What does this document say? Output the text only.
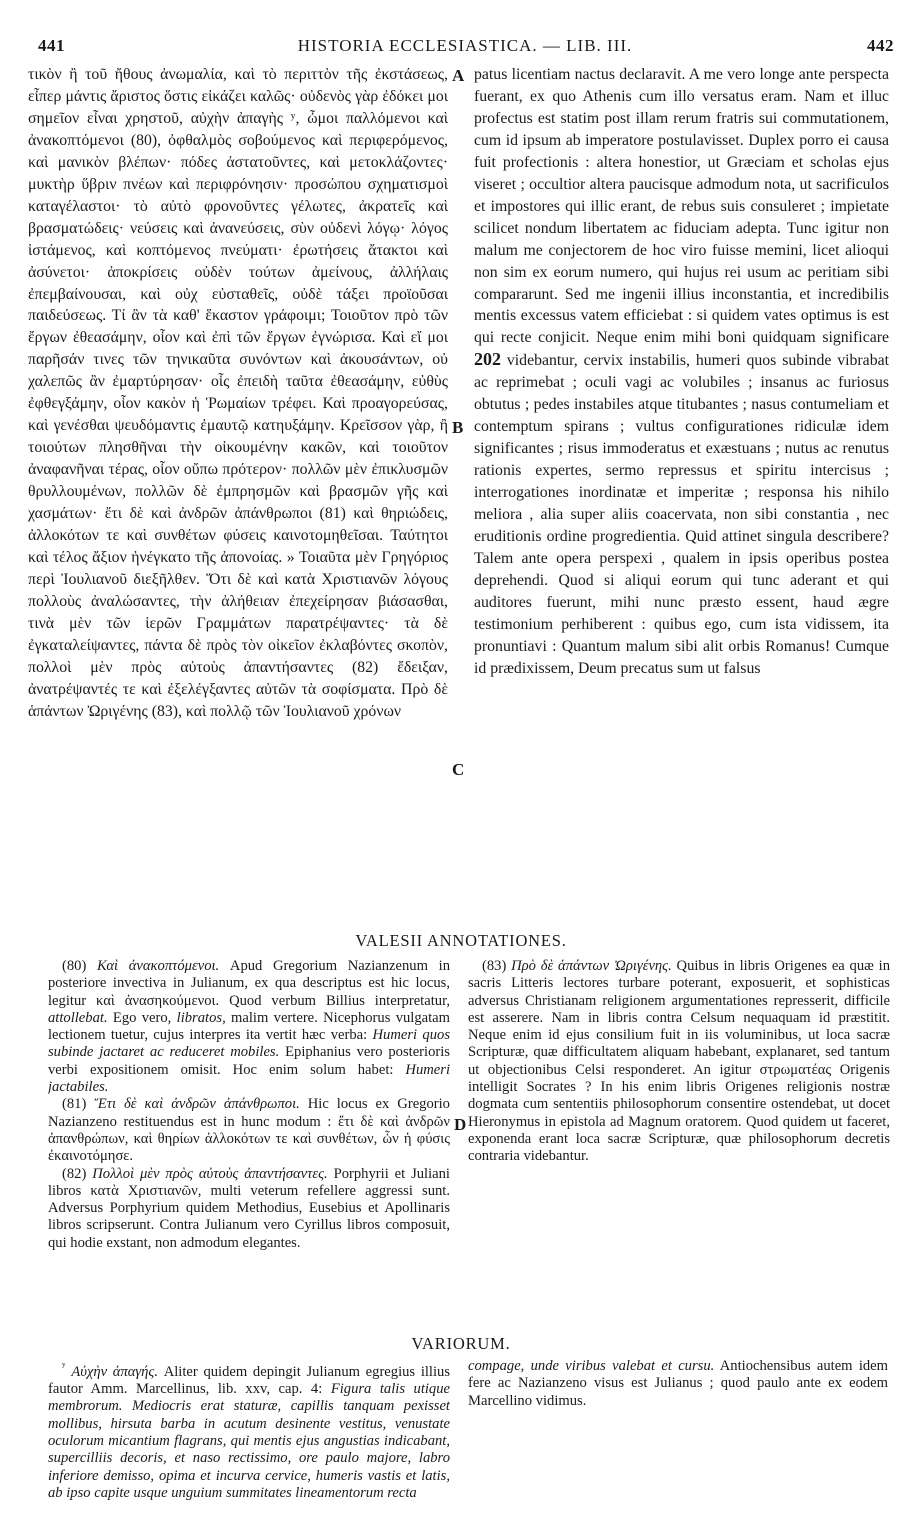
441	HISTORIA ECCLESIASTICA. — LIB. III.	442

τικὸν ἢ τοῦ ἤθους ἀνωμαλία, καὶ τὸ περιττὸν τῆς ἐκστάσεως, εἶπερ μάντις ἄριστος ὅστις εἰκάζει καλῶς· οὐδενὸς γὰρ ἐδόκει μοι σημεῖον εἶναι χρηστοῦ, αὐχὴν ἀπαγὴς ʸ, ὦμοι παλλόμενοι καὶ ἀνακοπτόμενοι (80), ὀφθαλμὸς σοβούμενος καὶ περιφερόμενος, καὶ μανικὸν βλέπων· πόδες ἀστατοῦντες, καὶ μετοκλάζοντες· μυκτὴρ ὕβριν πνέων καὶ περιφρόνησιν· προσώπου σχηματισμοὶ καταγέλαστοι· τὸ αὐτὸ φρονοῦντες γέλωτες, ἀκρατεῖς καὶ βρασματώδεις· νεύσεις καὶ ἀνανεύσεις, σὺν οὐδενὶ λόγῳ· λόγος ἱστάμενος, καὶ κοπτόμενος πνεύματι· ἐρωτήσεις ἄτακτοι καὶ ἀσύνετοι· ἀποκρίσεις οὐδὲν τούτων ἀμείνους, ἀλλήλαις ἐπεμβαίνουσαι, καὶ οὐχ εὐσταθεῖς, οὐδὲ τάξει προϊοῦσαι παιδεύσεως. Τί ἂν τὰ καθ' ἕκαστον γράφοιμι; Τοιοῦτον πρὸ τῶν ἔργων ἐθεασάμην, οἷον καὶ ἐπὶ τῶν ἔργων ἐγνώρισα. Καὶ εἴ μοι παρῆσάν τινες τῶν τηνικαῦτα συνόντων καὶ ἀκουσάντων, οὐ χαλεπῶς ἂν ἐμαρτύρησαν· οἷς ἐπειδὴ ταῦτα ἐθεασάμην, εὐθὺς ἐφθεγξάμην, οἷον κακὸν ἡ Ῥωμαίων τρέφει. Καὶ προαγορεύσας, καὶ γενέσθαι ψευδόμαντις ἐμαυτῷ κατηυξάμην. Κρεῖσσον γὰρ, ἢ τοιούτων πλησθῆναι τὴν οἰκουμένην κακῶν, καὶ τοιοῦτον ἀναφανῆναι τέρας, οἷον οὔπω πρότερον· πολλῶν μὲν ἐπικλυσμῶν θρυλλουμένων, πολλῶν δὲ ἐμπρησμῶν καὶ βρασμῶν γῆς καὶ χασμάτων· ἔτι δὲ καὶ ἀνδρῶν ἀπάνθρωποι (81) καὶ θηριώδεις, ἀλλοκότων τε καὶ συνθέτων φύσεις καινοτομηθεῖσαι. Ταύτητοι καὶ τέλος ἄξιον ἠνέγκατο τῆς ἀπονοίας. » Τοιαῦτα μὲν Γρηγόριος περὶ Ἰουλιανοῦ διεξῆλθεν. Ὅτι δὲ καὶ κατὰ Χριστιανῶν λόγους πολλοὺς ἀναλώσαντες, τὴν ἀλήθειαν ἐπεχείρησαν βιάσασθαι, τινὰ μὲν τῶν ἱερῶν Γραμμάτων παρατρέψαντες· τὰ δὲ ἐγκαταλείψαντες, πάντα δὲ πρὸς τὸν οἰκεῖον ἐκλαβόντες σκοπὸν, πολλοὶ μὲν πρὸς αὐτοὺς ἀπαντήσαντες (82) ἔδειξαν, ἀνατρέψαντές τε καὶ ἐξελέγξαντες αὐτῶν τὰ σοφίσματα. Πρὸ δὲ ἁπάντων Ὠριγένης (83), καὶ πολλῷ τῶν Ἰουλιανοῦ χρόνων

A
B
C

patus licentiam nactus declaravit. A me vero longe ante perspecta fuerant, ex quo Athenis cum illo versatus eram. Nam et illuc profectus est statim post illam rerum fratris sui commutationem, cum id ipsum ab imperatore postulavisset. Duplex porro ei causa fuit profectionis : altera honestior, ut Græciam et scholas ejus viseret ; occultior altera paucisque admodum nota, ut sacrificulos et impostores qui illic erant, de rebus suis consuleret ; impietate scilicet nondum libertatem ac fiduciam adepta. Tunc igitur non malum me conjectorem de hoc viro fuisse memini, licet alioqui non sim ex eorum numero, qui hujus rei usum ac peritiam sibi compararunt. Sed me ingenii illius inconstantia, et incredibilis mentis excessus vatem efficiebat : si quidem vates optimus is est qui recte conjicit. Neque enim mihi boni quidquam significare 202 videbantur, cervix instabilis, humeri quos subinde vibrabat ac reprimebat ; oculi vagi ac volubiles ; insanus ac furiosus obtutus ; pedes instabiles atque titubantes ; nasus contumeliam et contemptum spirans ; vultus configurationes ridiculæ idem significantes ; risus immoderatus et exæstuans ; nutus ac renutus rationis expertes, sermo repressus et spiritu intercisus ; interrogationes inordinatæ et imperitæ ; responsa his nihilo meliora , alia super aliis coacervata, non sibi constantia , nec eruditionis ordine progredientia. Quid attinet singula describere? Talem ante opera perspexi , qualem in ipsis operibus postea deprehendi. Quod si aliqui eorum qui tunc aderant et qui auditores fuerunt, mihi nunc præsto essent, haud ægre testimonium perhiberent : quibus ego, cum ista vidissem, ita pronuntiavi : Quantum malum sibi alit orbis Romanus! Cumque id prædixissem, Deum precatus sum ut falsus

VALESII ANNOTATIONES.

(80) Καὶ ἀνακοπτόμενοι. Apud Gregorium Nazianzenum in posteriore invectiva in Julianum, ex qua descriptus est hic locus, legitur καὶ ἀνασηκούμενοι. Quod verbum Billius interpretatur, attollebat. Ego vero, libratos, malim vertere. Nicephorus vulgatam lectionem tuetur, cujus interpres ita vertit hæc verba: Humeri quos subinde jactaret ac reduceret mobiles. Epiphanius vero posterioris verbi expositionem omisit. Hoc enim solum habet: Humeri jactabiles.

(81) Ἔτι δὲ καὶ ἀνδρῶν ἀπάνθρωποι. Hic locus ex Gregorio Nazianzeno restituendus est in hunc modum : ἔτι δὲ καὶ ἀνδρῶν ἀπανθρώπων, καὶ θηρίων ἀλλοκότων τε καὶ συνθέτων, ὧν ἡ φύσις ἐκαινοτόμησε.

(82) Πολλοὶ μὲν πρὸς αὐτοὺς ἀπαντήσαντες. Porphyrii et Juliani libros κατὰ Χριστιανῶν, multi veterum refellere aggressi sunt. Adversus Porphyrium quidem Methodius, Eusebius et Apollinaris libros scripserunt. Contra Julianum vero Cyrillus libros composuit, qui hodie exstant, non admodum elegantes.

D

(83) Πρὸ δὲ ἁπάντων Ὠριγένης. Quibus in libris Origenes ea quæ in sacris Litteris lectores turbare poterant, exposuerit, et sophisticas adversus Christianam religionem argumentationes represserit, difficile est asserere. Nam in libris contra Celsum nequaquam id præstitit. Neque enim id ejus consilium fuit in iis voluminibus, ut loca sacræ Scripturæ, quæ difficultatem aliquam habebant, explanaret, sed tantum ut objectionibus Celsi responderet. An igitur στρωματέας Origenis intelligit Socrates ? In his enim libris Origenes religionis nostræ dogmata cum sententiis philosophorum consentire ostendebat, ut docet Hieronymus in epistola ad Magnum oratorem. Quod quidem ut faceret, exponenda erant loca sacræ Scripturæ, quæ philosophorum decretis contraria videbantur.

VARIORUM.

$^ʸ$ Αὐχὴν ἀπαγής. Aliter quidem depingit Julianum egregius illius fautor Amm. Marcellinus, lib. xxv, cap. 4: Figura talis utique membrorum. Mediocris erat staturæ, capillis tanquam pexisset mollibus, hirsuta barba in acutum desinente vestitus, venustate oculorum micantium flagrans, qui mentis ejus angustias indicabant, supercilliis decoris, et naso rectissimo, ore paulo majore, labro inferiore demisso, opima et incurva cervice, humeris vastis et latis, ab ipso capite usque unguium summitates lineamentorum recta

compage, unde viribus valebat et cursu. Antiochensibus autem idem fere ac Nazianzeno visus est Julianus ; quod paulo ante ex eodem Marcellino vidimus.
